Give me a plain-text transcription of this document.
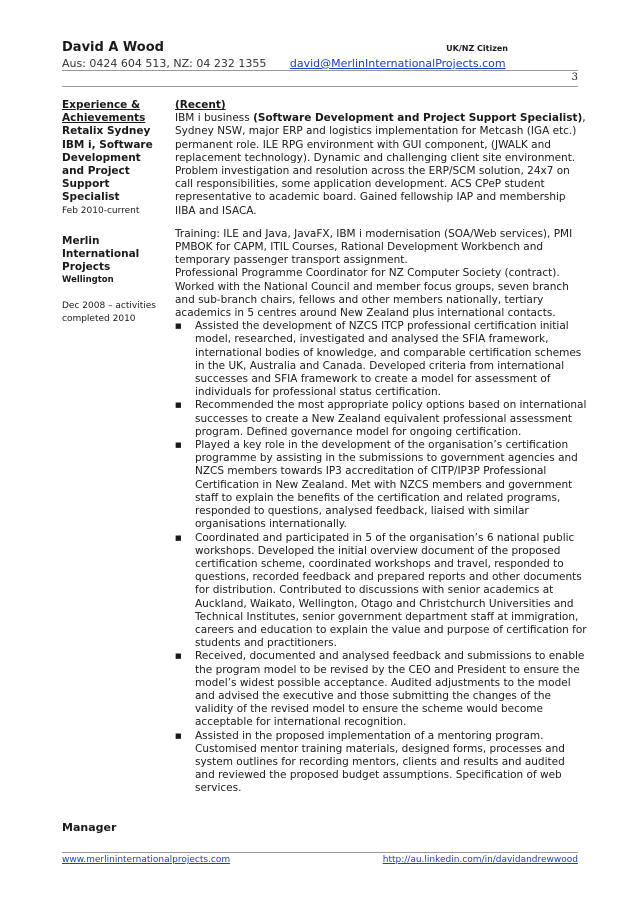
David A Wood	UK/NZ Citizen
Aus: 0424 604 513, NZ: 04 232 1355 david@MerlinInternationalProjects.com
3
Experience &
Achievements
Retalix Sydney
IBM i, Software
Development
and Project
Support
Specialist
Feb 2010-current
Merlin
International
Projects
Wellington
Dec 2008 – activities completed 2010

(Recent)

IBM i business (Software Development and Project Support Specialist), Sydney NSW, major ERP and logistics implementation for Metcash (IGA etc.) permanent role. ILE RPG environment with GUI component, (JWALK and replacement technology). Dynamic and challenging client site environment. Problem investigation and resolution across the ERP/SCM solution, 24x7 on call responsibilities, some application development. ACS CPeP student representative to academic board. Gained fellowship IAP and membership IIBA and ISACA.

Training: ILE and Java, JavaFX, IBM i modernisation (SOA/Web services), PMI PMBOK for CAPM, ITIL Courses, Rational Development Workbench and temporary passenger transport assignment.

Professional Programme Coordinator for NZ Computer Society (contract). Worked with the National Council and member focus groups, seven branch and sub-branch chairs, fellows and other members nationally, tertiary academics in 5 centres around New Zealand plus international contacts.

■ Assisted the development of NZCS ITCP professional certification initial model, researched, investigated and analysed the SFIA framework, international bodies of knowledge, and comparable certification schemes in the UK, Australia and Canada. Developed criteria from international successes and SFIA framework to create a model for assessment of individuals for professional status certification.
■ Recommended the most appropriate policy options based on international successes to create a New Zealand equivalent professional assessment program. Defined governance model for ongoing certification.
■ Played a key role in the development of the organisation’s certification programme by assisting in the submissions to government agencies and NZCS members towards IP3 accreditation of CITP/IP3P Professional Certification in New Zealand. Met with NZCS members and government staff to explain the benefits of the certification and related programs, responded to questions, analysed feedback, liaised with similar organisations internationally.
■ Coordinated and participated in 5 of the organisation’s 6 national public workshops. Developed the initial overview document of the proposed certification scheme, coordinated workshops and travel, responded to questions, recorded feedback and prepared reports and other documents for distribution. Contributed to discussions with senior academics at Auckland, Waikato, Wellington, Otago and Christchurch Universities and Technical Institutes, senior government department staff at immigration, careers and education to explain the value and purpose of certification for students and practitioners.
■ Received, documented and analysed feedback and submissions to enable the program model to be revised by the CEO and President to ensure the model’s widest possible acceptance. Audited adjustments to the model and advised the executive and those submitting the changes of the validity of the revised model to ensure the scheme would become acceptable for international recognition.
■ Assisted in the proposed implementation of a mentoring program. Customised mentor training materials, designed forms, processes and system outlines for recording mentors, clients and results and audited and reviewed the proposed budget assumptions. Specification of web services.
Manager
www.merlininternationalprojects.com	http://au.linkedin.com/in/davidandrewwood
